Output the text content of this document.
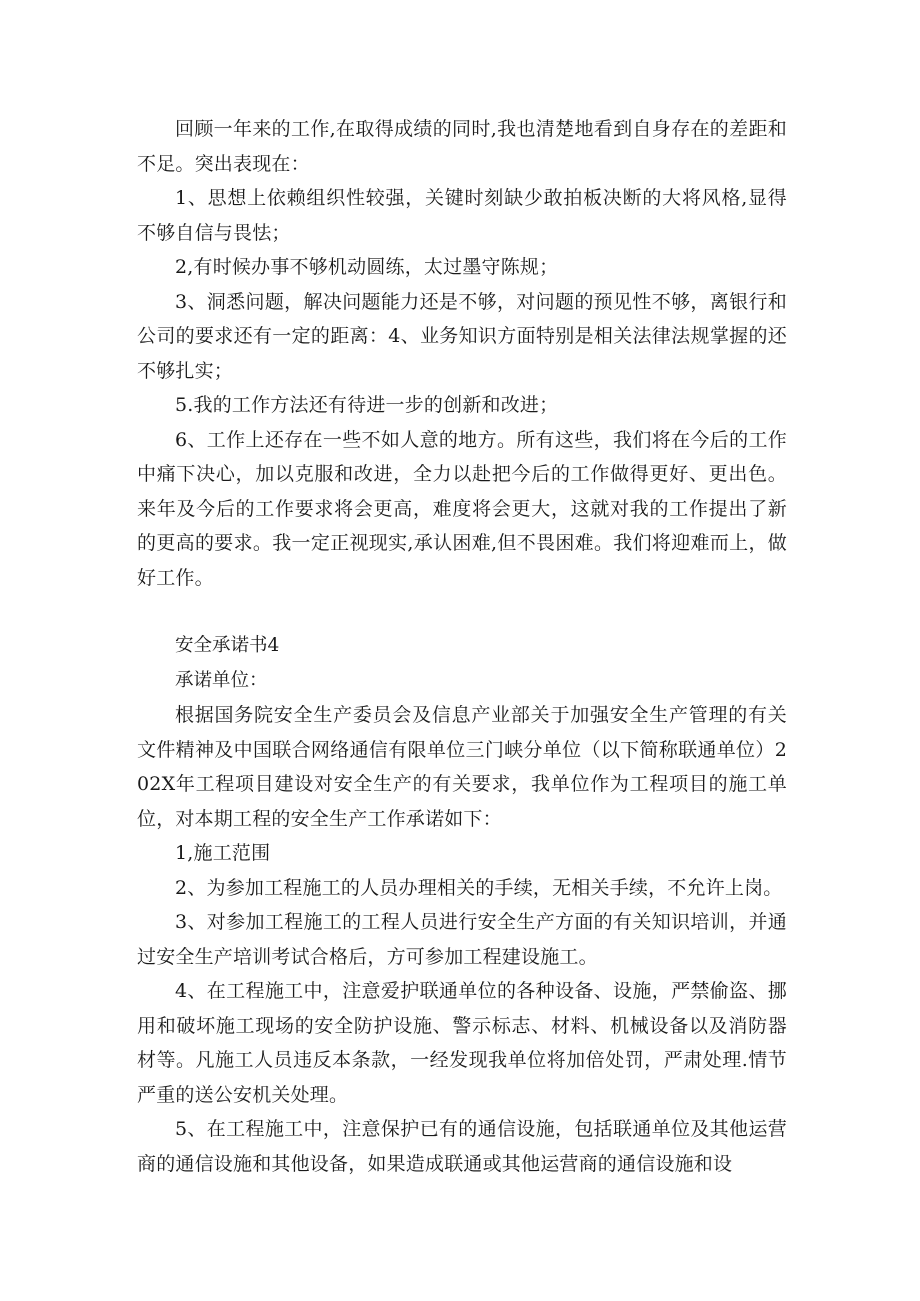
回顾一年来的工作,在取得成绩的同时,我也清楚地看到自身存在的差距和不足。突出表现在：

1、思想上依赖组织性较强，关键时刻缺少敢拍板决断的大将风格,显得不够自信与畏怯；

2,有时候办事不够机动圆练，太过墨守陈规；

3、洞悉问题，解决问题能力还是不够，对问题的预见性不够，离银行和公司的要求还有一定的距离：4、业务知识方面特别是相关法律法规掌握的还不够扎实；

5.我的工作方法还有待进一步的创新和改进；

6、工作上还存在一些不如人意的地方。所有这些，我们将在今后的工作中痛下决心，加以克服和改进，全力以赴把今后的工作做得更好、更出色。来年及今后的工作要求将会更高，难度将会更大，这就对我的工作提出了新的更高的要求。我一定正视现实,承认困难,但不畏困难。我们将迎难而上，做好工作。

安全承诺书4

承诺单位：

根据国务院安全生产委员会及信息产业部关于加强安全生产管理的有关文件精神及中国联合网络通信有限单位三门峡分单位（以下简称联通单位）202X年工程项目建设对安全生产的有关要求，我单位作为工程项目的施工单位，对本期工程的安全生产工作承诺如下：

1,施工范围

2、为参加工程施工的人员办理相关的手续，无相关手续，不允许上岗。

3、对参加工程施工的工程人员进行安全生产方面的有关知识培训，并通过安全生产培训考试合格后，方可参加工程建设施工。

4、在工程施工中，注意爱护联通单位的各种设备、设施，严禁偷盗、挪用和破坏施工现场的安全防护设施、警示标志、材料、机械设备以及消防器材等。凡施工人员违反本条款，一经发现我单位将加倍处罚，严肃处理.情节严重的送公安机关处理。

5、在工程施工中，注意保护已有的通信设施，包括联通单位及其他运营商的通信设施和其他设备，如果造成联通或其他运营商的通信设施和设
